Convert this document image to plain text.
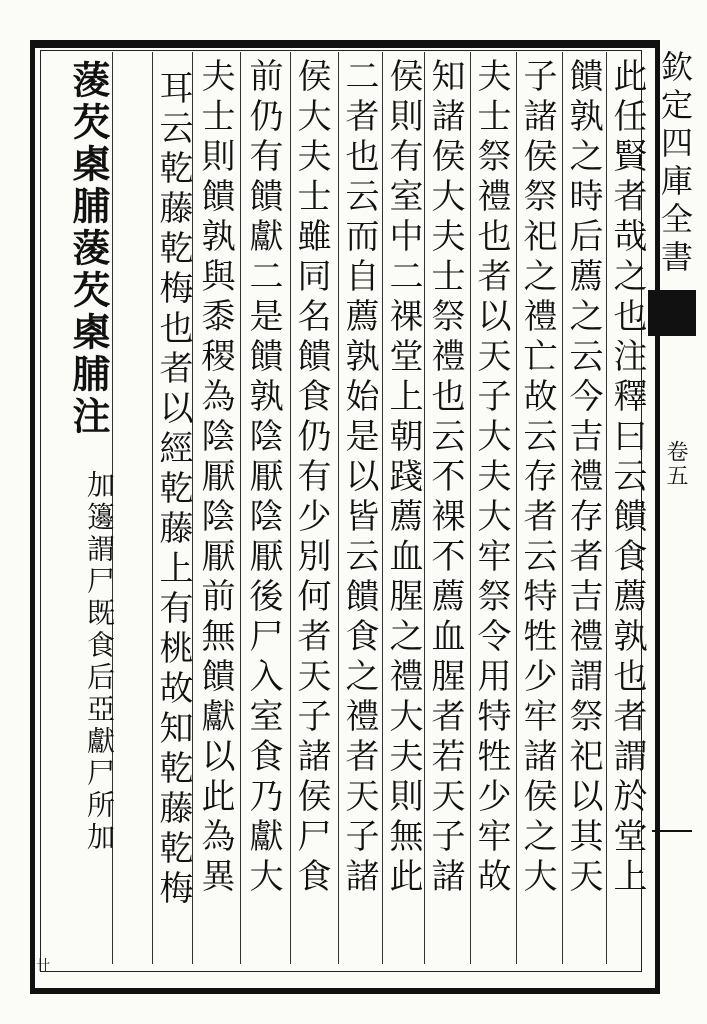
欽定四庫全書
卷五
此任賢者哉之也注釋曰云饋食薦孰也者謂於堂上
饋孰之時后薦之云今吉禮存者吉禮謂祭祀以其天
子諸侯祭祀之禮亡故云存者云特牲少牢諸侯之大
夫士祭禮也者以天子大夫大牢祭令用特牲少牢故
知諸侯大夫士祭禮也云不裸不薦血腥者若天子諸
侯則有室中二祼堂上朝踐薦血腥之禮大夫則無此
二者也云而自薦孰始是以皆云饋食之禮者天子諸
侯大夫士雖同名饋食仍有少別何者天子諸侯尸食
前仍有饋獻二是饋孰陰厭陰厭後尸入室食乃獻大
夫士則饋孰與黍稷為陰厭陰厭前無饋獻以此為異
耳云乾藤乾梅也者以經乾藤上有桃故知乾藤乾梅
蔆芡㮚脯蔆芡㮚脯注
加籩謂尸既食后亞獻尸所加
卄
